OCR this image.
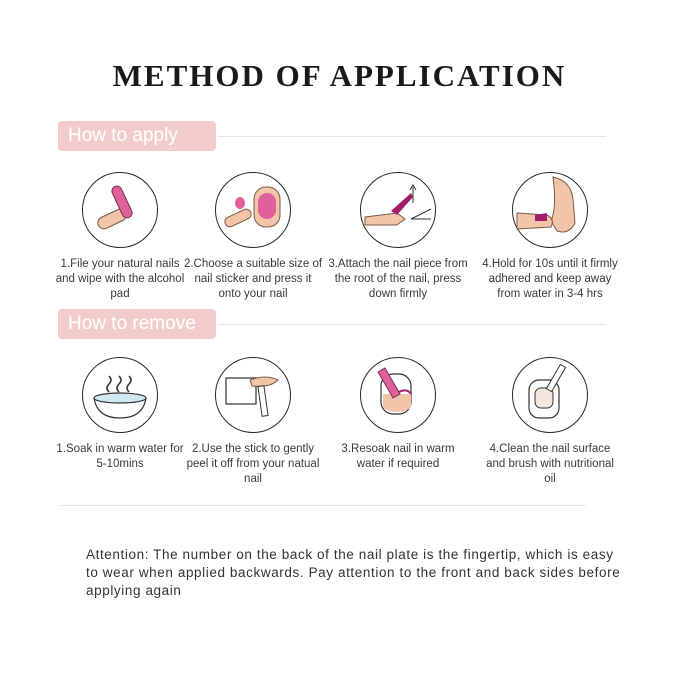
METHOD OF APPLICATION
How to apply
1.File your natural nails and wipe with the alcohol pad
2.Choose a suitable size of nail sticker and press it onto your nail
3.Attach the nail piece from the root of the nail, press down firmly
4.Hold for 10s until it firmly adhered and keep away from water in 3-4 hrs
How to remove
1.Soak in warm water for 5-10mins
2.Use the stick to gently peel it off from your natual nail
3.Resoak nail in warm water if required
4.Clean the nail surface and brush with nutritional oil
Attention: The number on the back of the nail plate is the fingertip, which is easy to wear when applied backwards. Pay attention to the front and back sides before applying again
